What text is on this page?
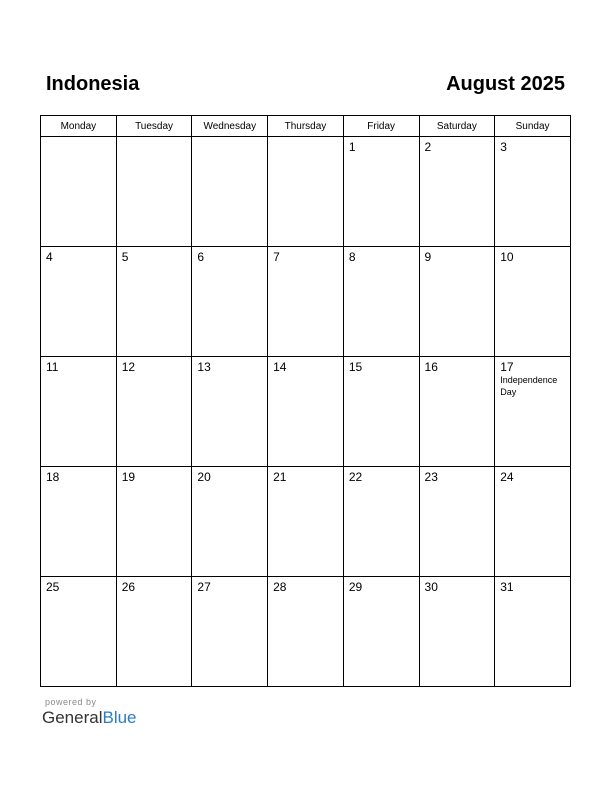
Indonesia	August 2025
Monday	Tuesday	Wednesday	Thursday	Friday	Saturday	Sunday

				1	2	3

4	5	6	7	8	9	10

11	12	13	14	15	16	17
Independence Day

18	19	20	21	22	23	24

25	26	27	28	29	30	31
powered by
GeneralBlue
